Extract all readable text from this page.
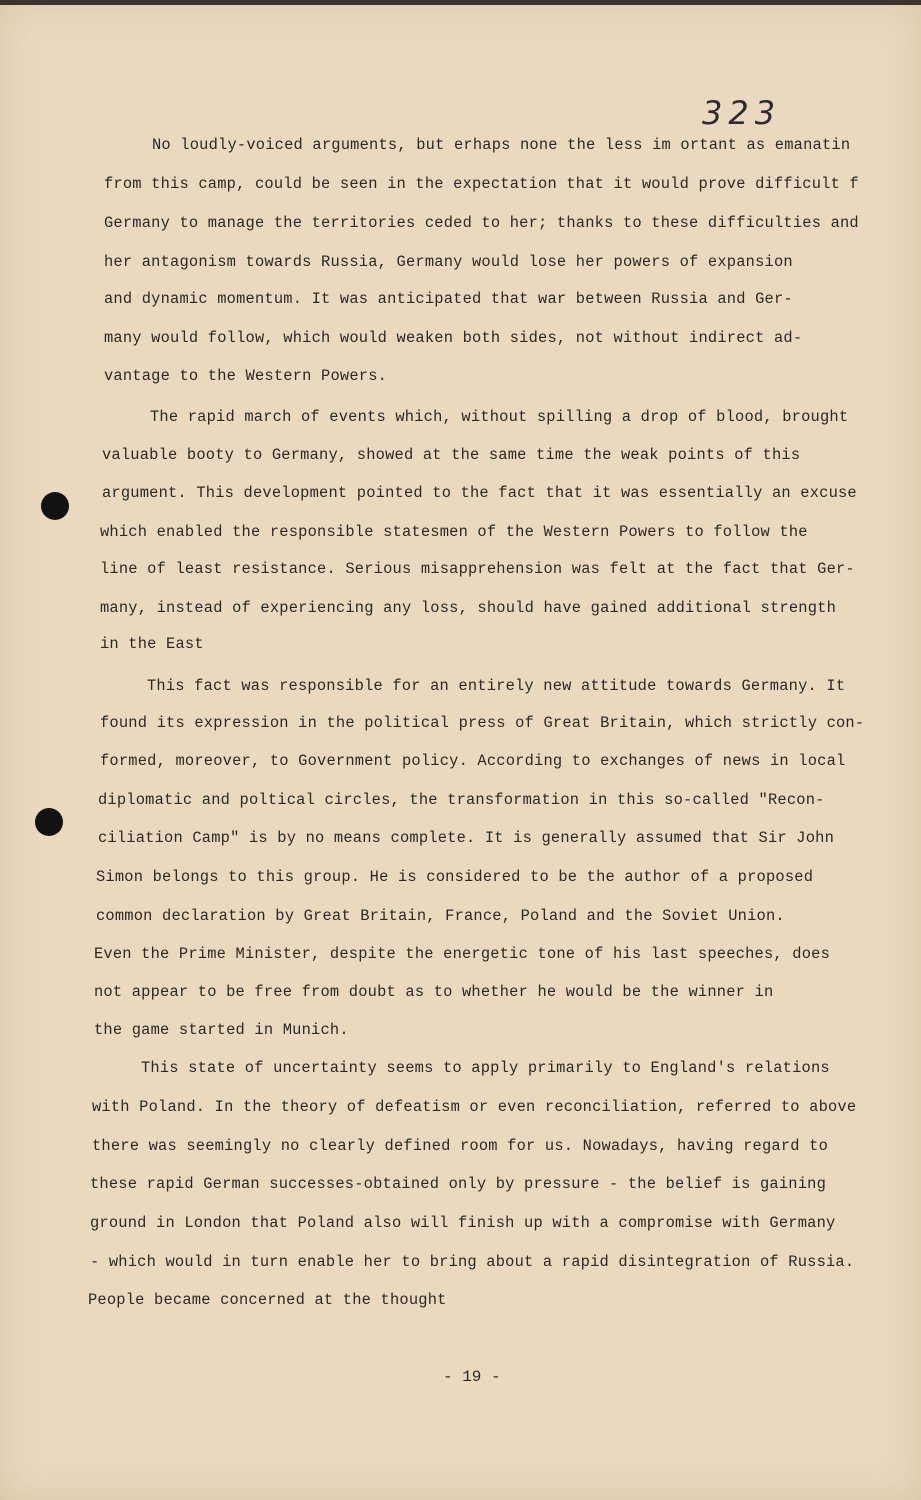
323
No loudly-voiced arguments, but erhaps none the less im ortant as emanatin
from this camp, could be seen in the expectation that it would prove difficult f
Germany to manage the territories ceded to her; thanks to these difficulties and
her antagonism towards Russia, Germany would lose her powers of expansion
and dynamic momentum. It was anticipated that war between Russia and Ger-
many would follow, which would weaken both sides, not without indirect ad-
vantage to the Western Powers.
The rapid march of events which, without spilling a drop of blood, brought
valuable booty to Germany, showed at the same time the weak points of this
argument. This development pointed to the fact that it was essentially an excuse
which enabled the responsible statesmen of the Western Powers to follow the
line of least resistance. Serious misapprehension was felt at the fact that Ger-
many, instead of experiencing any loss, should have gained additional strength
in the East
This fact was responsible for an entirely new attitude towards Germany. It
found its expression in the political press of Great Britain, which strictly con-
formed, moreover, to Government policy. According to exchanges of news in local
diplomatic and poltical circles, the transformation in this so-called "Recon-
ciliation Camp" is by no means complete. It is generally assumed that Sir John
Simon belongs to this group. He is considered to be the author of a proposed
common declaration by Great Britain, France, Poland and the Soviet Union.
Even the Prime Minister, despite the energetic tone of his last speeches, does
not appear to be free from doubt as to whether he would be the winner in
the game started in Munich.
This state of uncertainty seems to apply primarily to England's relations
with Poland. In the theory of defeatism or even reconciliation, referred to above
there was seemingly no clearly defined room for us. Nowadays, having regard to
these rapid German successes-obtained only by pressure - the belief is gaining
ground in London that Poland also will finish up with a compromise with Germany
- which would in turn enable her to bring about a rapid disintegration of Russia.
People became concerned at the thought
- 19 -
